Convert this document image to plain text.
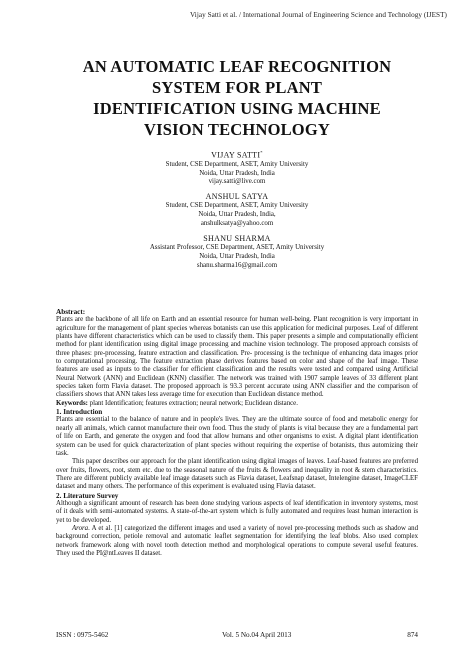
Vijay Satti et al. / International Journal of Engineering Science and Technology (IJEST)
AN AUTOMATIC LEAF RECOGNITION
SYSTEM FOR PLANT
IDENTIFICATION USING MACHINE
VISION TECHNOLOGY
VIJAY SATTI*
Student, CSE Department, ASET, Amity University
Noida, Uttar Pradesh, India
vijay.satti@live.com
ANSHUL SATYA
Student, CSE Department, ASET, Amity University
Noida, Uttar Pradesh, India,
anshulksatya@yahoo.com
SHANU SHARMA
Assistant Professor, CSE Department, ASET, Amity University
Noida, Uttar Pradesh, India
shanu.sharma16@gmail.com

Abstract:

Plants are the backbone of all life on Earth and an essential resource for human well-being. Plant recognition is very important in agriculture for the management of plant species whereas botanists can use this application for medicinal purposes. Leaf of different plants have different characteristics which can be used to classify them. This paper presents a simple and computationally efficient method for plant identification using digital image processing and machine vision technology. The proposed approach consists of three phases: pre-processing, feature extraction and classification. Pre- processing is the technique of enhancing data images prior to computational processing. The feature extraction phase derives features based on color and shape of the leaf image. These features are used as inputs to the classifier for efficient classification and the results were tested and compared using Artificial Neural Network (ANN) and Euclidean (KNN) classifier. The network was trained with 1907 sample leaves of 33 different plant species taken form Flavia dataset. The proposed approach is 93.3 percent accurate using ANN classifier and the comparison of classifiers shows that ANN takes less average time for execution than Euclidean distance method.

Keywords: plant Identification; features extraction; neural network; Euclidean distance.

1. Introduction

Plants are essential to the balance of nature and in people's lives. They are the ultimate source of food and metabolic energy for nearly all animals, which cannot manufacture their own food. Thus the study of plants is vital because they are a fundamental part of life on Earth, and generate the oxygen and food that allow humans and other organisms to exist. A digital plant identification system can be used for quick characterization of plant species without requiring the expertise of botanists, thus automizing their task.

This paper describes our approach for the plant identification using digital images of leaves. Leaf-based features are preferred over fruits, flowers, root, stem etc. due to the seasonal nature of the fruits & flowers and inequality in root & stem characteristics. There are different publicly available leaf image datasets such as Flavia dataset, Leafsnap dataset, Intelengine dataset, ImageCLEF dataset and many others. The performance of this experiment is evaluated using Flavia dataset.

2. Literature Survey

Although a significant amount of research has been done studying various aspects of leaf identification in inventory systems, most of it deals with semi-automated systems. A state-of-the-art system which is fully automated and requires least human interaction is yet to be developed.

Arora. A et al. [1] categorized the different images and used a variety of novel pre-processing methods such as shadow and background correction, petiole removal and automatic leaflet segmentation for identifying the leaf blobs. Also used complex network framework along with novel tooth detection method and morphological operations to compute several useful features. They used the PI@ntLeaves II dataset.

ISSN : 0975-5462	Vol. 5 No.04 April 2013	874
